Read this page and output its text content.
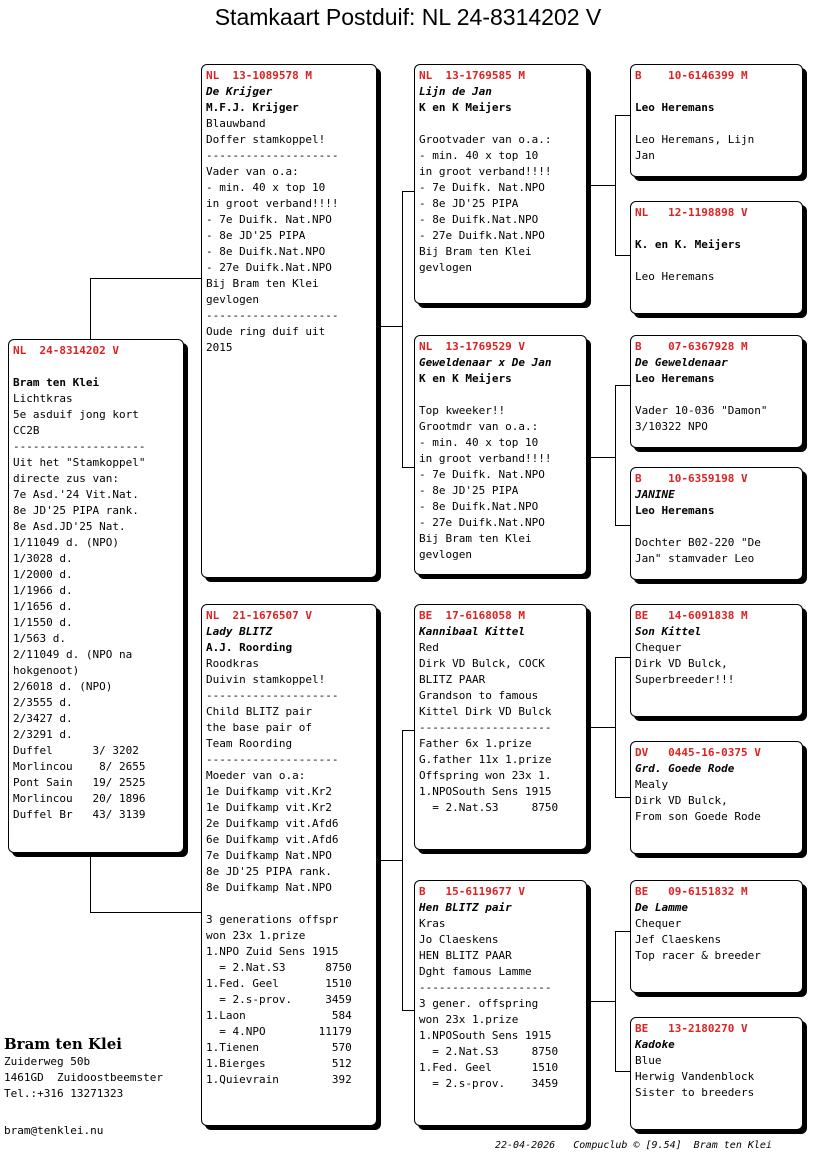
Stamkaart Postduif: NL 24-8314202 V
NL  24-8314202 V
Bram ten Klei
Lichtkras
5e asduif jong kort
CC2B
--------------------
Uit het "Stamkoppel"
directe zus van:
7e Asd.'24 Vit.Nat.
8e JD'25 PIPA rank.
8e Asd.JD'25 Nat.
1/11049 d. (NPO)
1/3028 d.
1/2000 d.
1/1966 d.
1/1656 d.
1/1550 d.
1/563 d.
2/11049 d. (NPO na
hokgenoot)
2/6018 d. (NPO)
2/3555 d.
2/3427 d.
2/3291 d.
Duffel      3/ 3202
Morlincou    8/ 2655
Pont Sain   19/ 2525
Morlincou   20/ 1896
Duffel Br   43/ 3139
NL  13-1089578 M
De Krijger
M.F.J. Krijger
Blauwband
Doffer stamkoppel!
--------------------
Vader van o.a:
- min. 40 x top 10
in groot verband!!!!
- 7e Duifk. Nat.NPO
- 8e JD'25 PIPA
- 8e Duifk.Nat.NPO
- 27e Duifk.Nat.NPO
Bij Bram ten Klei
gevlogen
--------------------
Oude ring duif uit
2015
NL  21-1676507 V
Lady BLITZ
A.J. Roording
Roodkras
Duivin stamkoppel!
--------------------
Child BLITZ pair
the base pair of
Team Roording
--------------------
Moeder van o.a:
1e Duifkamp vit.Kr2
1e Duifkamp vit.Kr2
2e Duifkamp vit.Afd6
6e Duifkamp vit.Afd6
7e Duifkamp Nat.NPO
8e JD'25 PIPA rank.
8e Duifkamp Nat.NPO
3 generations offspr
won 23x 1.prize
1.NPO Zuid Sens 1915
= 2.Nat.S3      8750
1.Fed. Geel       1510
= 2.s-prov.     3459
1.Laon             584
= 4.NPO        11179
1.Tienen           570
1.Bierges          512
1.Quievrain        392
NL  13-1769585 M
Lijn de Jan
K en K Meijers
Grootvader van o.a.:
- min. 40 x top 10
in groot verband!!!!
- 7e Duifk. Nat.NPO
- 8e JD'25 PIPA
- 8e Duifk.Nat.NPO
- 27e Duifk.Nat.NPO
Bij Bram ten Klei
gevlogen
NL  13-1769529 V
Geweldenaar x De Jan
K en K Meijers
Top kweeker!!
Grootmdr van o.a.:
- min. 40 x top 10
in groot verband!!!!
- 7e Duifk. Nat.NPO
- 8e JD'25 PIPA
- 8e Duifk.Nat.NPO
- 27e Duifk.Nat.NPO
Bij Bram ten Klei
gevlogen
BE  17-6168058 M
Kannibaal Kittel
Red
Dirk VD Bulck, COCK
BLITZ PAAR
Grandson to famous
Kittel Dirk VD Bulck
--------------------
Father 6x 1.prize
G.father 11x 1.prize
Offspring won 23x 1.
1.NPOSouth Sens 1915
= 2.Nat.S3     8750
B   15-6119677 V
Hen BLITZ pair
Kras
Jo Claeskens
HEN BLITZ PAAR
Dght famous Lamme
--------------------
3 gener. offspring
won 23x 1.prize
1.NPOSouth Sens 1915
= 2.Nat.S3     8750
1.Fed. Geel      1510
= 2.s-prov.    3459
B    10-6146399 M
Leo Heremans
Leo Heremans, Lijn
Jan
NL   12-1198898 V
K. en K. Meijers
Leo Heremans
B    07-6367928 M
De Geweldenaar
Leo Heremans
Vader 10-036 "Damon"
3/10322 NPO
B    10-6359198 V
JANINE
Leo Heremans
Dochter B02-220 "De
Jan" stamvader Leo
BE   14-6091838 M
Son Kittel
Chequer
Dirk VD Bulck,
Superbreeder!!!
DV   0445-16-0375 V
Grd. Goede Rode
Mealy
Dirk VD Bulck,
From son Goede Rode
BE   09-6151832 M
De Lamme
Chequer
Jef Claeskens
Top racer & breeder
BE   13-2180270 V
Kadoke
Blue
Herwig Vandenblock
Sister to breeders
Bram ten Klei
Zuiderweg 50b
1461GD  Zuidoostbeemster
Tel.:+316 13271323
bram@tenklei.nu
22-04-2026   Compuclub © [9.54]  Bram ten Klei
